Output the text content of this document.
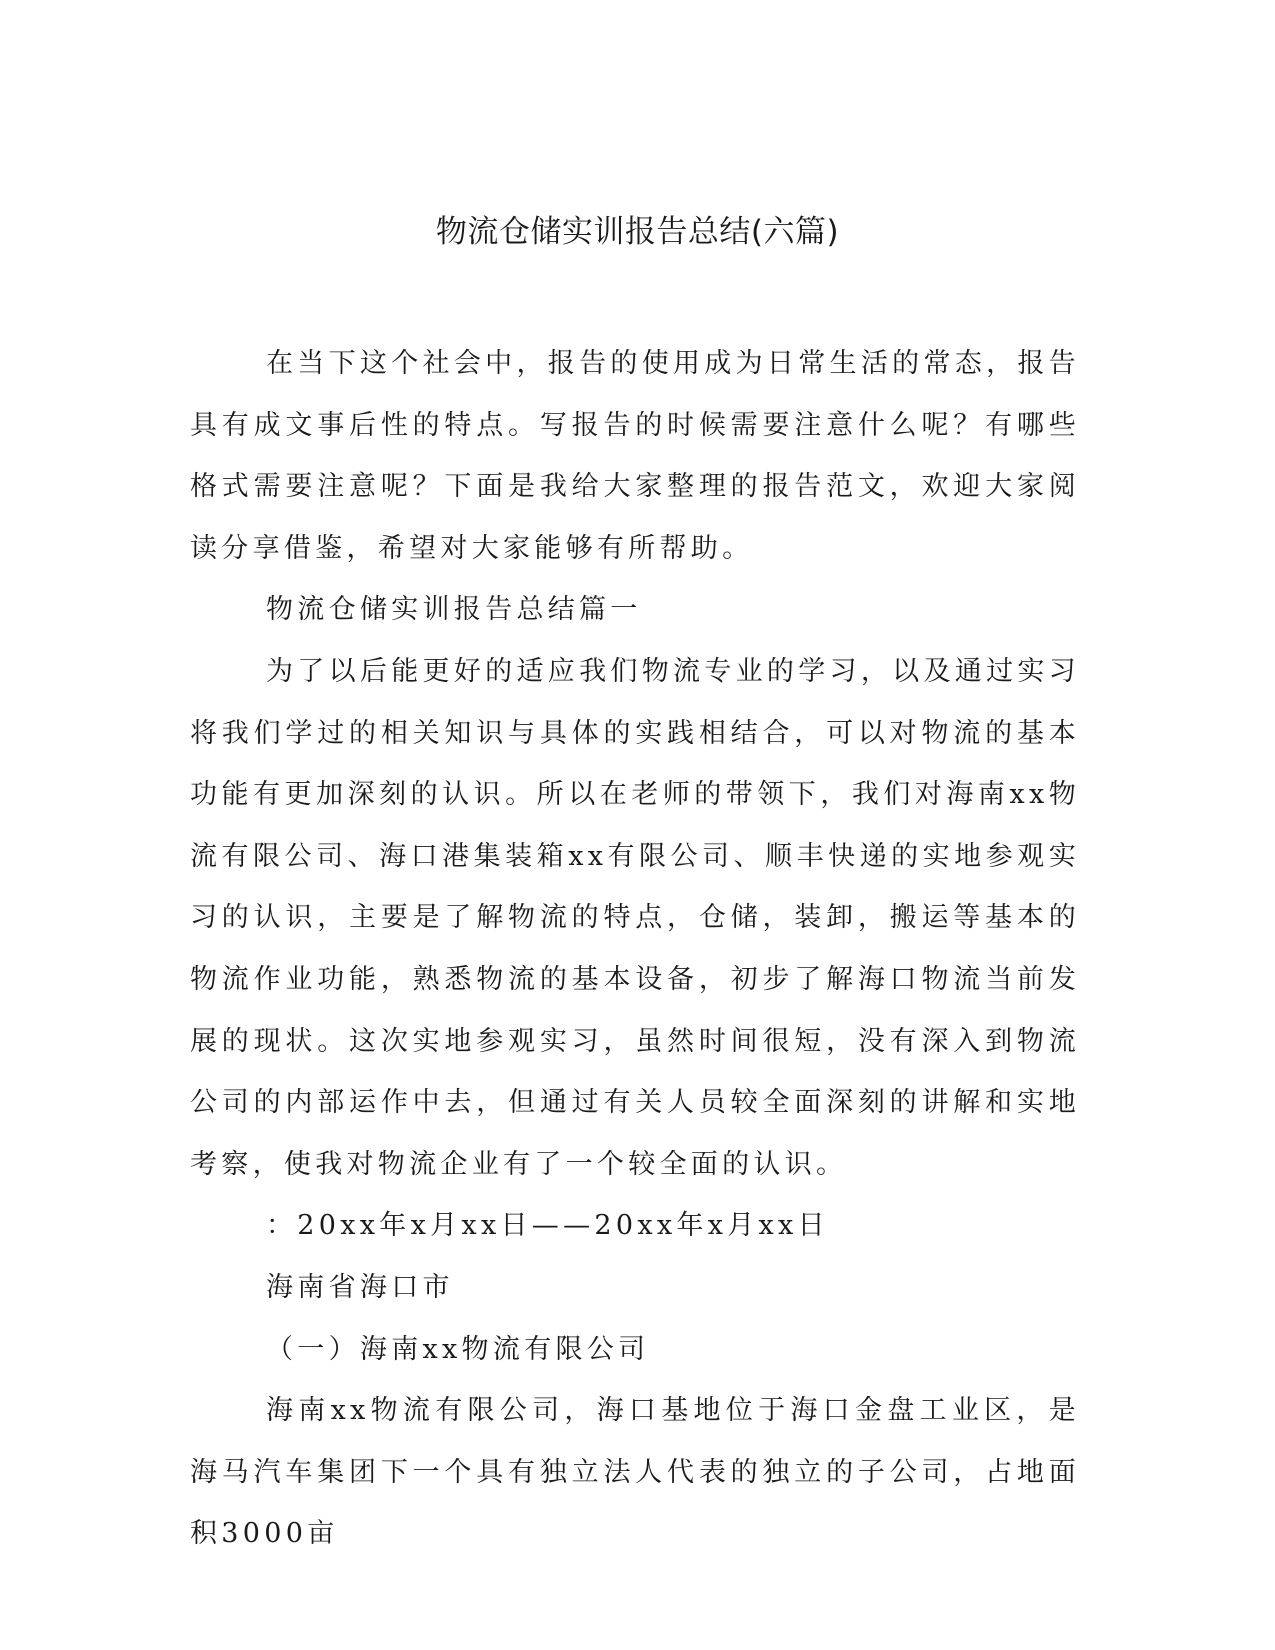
物流仓储实训报告总结(六篇)

在当下这个社会中，报告的使用成为日常生活的常态，报告具有成文事后性的特点。写报告的时候需要注意什么呢？有哪些格式需要注意呢？下面是我给大家整理的报告范文，欢迎大家阅读分享借鉴，希望对大家能够有所帮助。

物流仓储实训报告总结篇一

为了以后能更好的适应我们物流专业的学习，以及通过实习将我们学过的相关知识与具体的实践相结合，可以对物流的基本功能有更加深刻的认识。所以在老师的带领下，我们对海南xx物流有限公司、海口港集装箱xx有限公司、顺丰快递的实地参观实习的认识，主要是了解物流的特点，仓储，装卸，搬运等基本的物流作业功能，熟悉物流的基本设备，初步了解海口物流当前发展的现状。这次实地参观实习，虽然时间很短，没有深入到物流公司的内部运作中去，但通过有关人员较全面深刻的讲解和实地考察，使我对物流企业有了一个较全面的认识。

：20xx年x月xx日——20xx年x月xx日

海南省海口市

（一）海南xx物流有限公司

海南xx物流有限公司，海口基地位于海口金盘工业区，是海马汽车集团下一个具有独立法人代表的独立的子公司，占地面积3000亩
